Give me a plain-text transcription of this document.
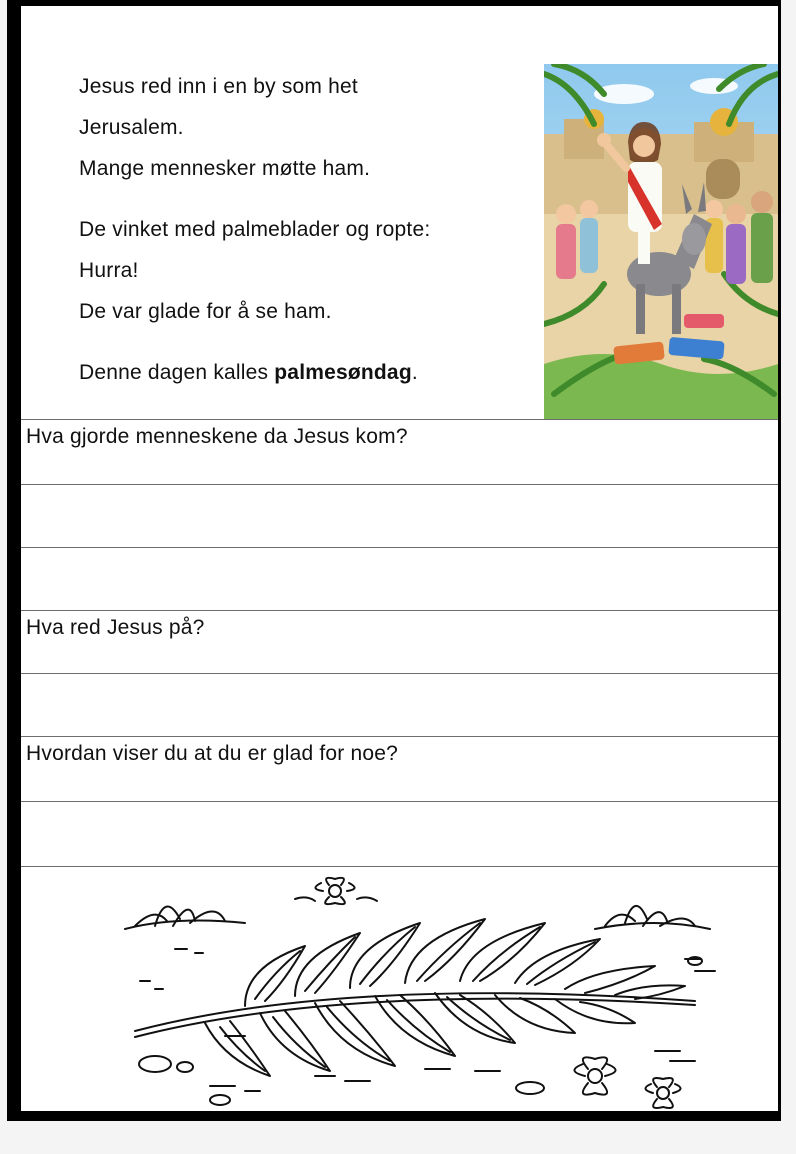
Jesus red inn i en by som het

Jerusalem.

Mange mennesker møtte ham.

De vinket med palmeblader og ropte:

Hurra!

De var glade for å se ham.

Denne dagen kalles palmesøndag.

Hva gjorde menneskene da Jesus kom?
Hva red Jesus på?
Hvordan viser du at du er glad for noe?
